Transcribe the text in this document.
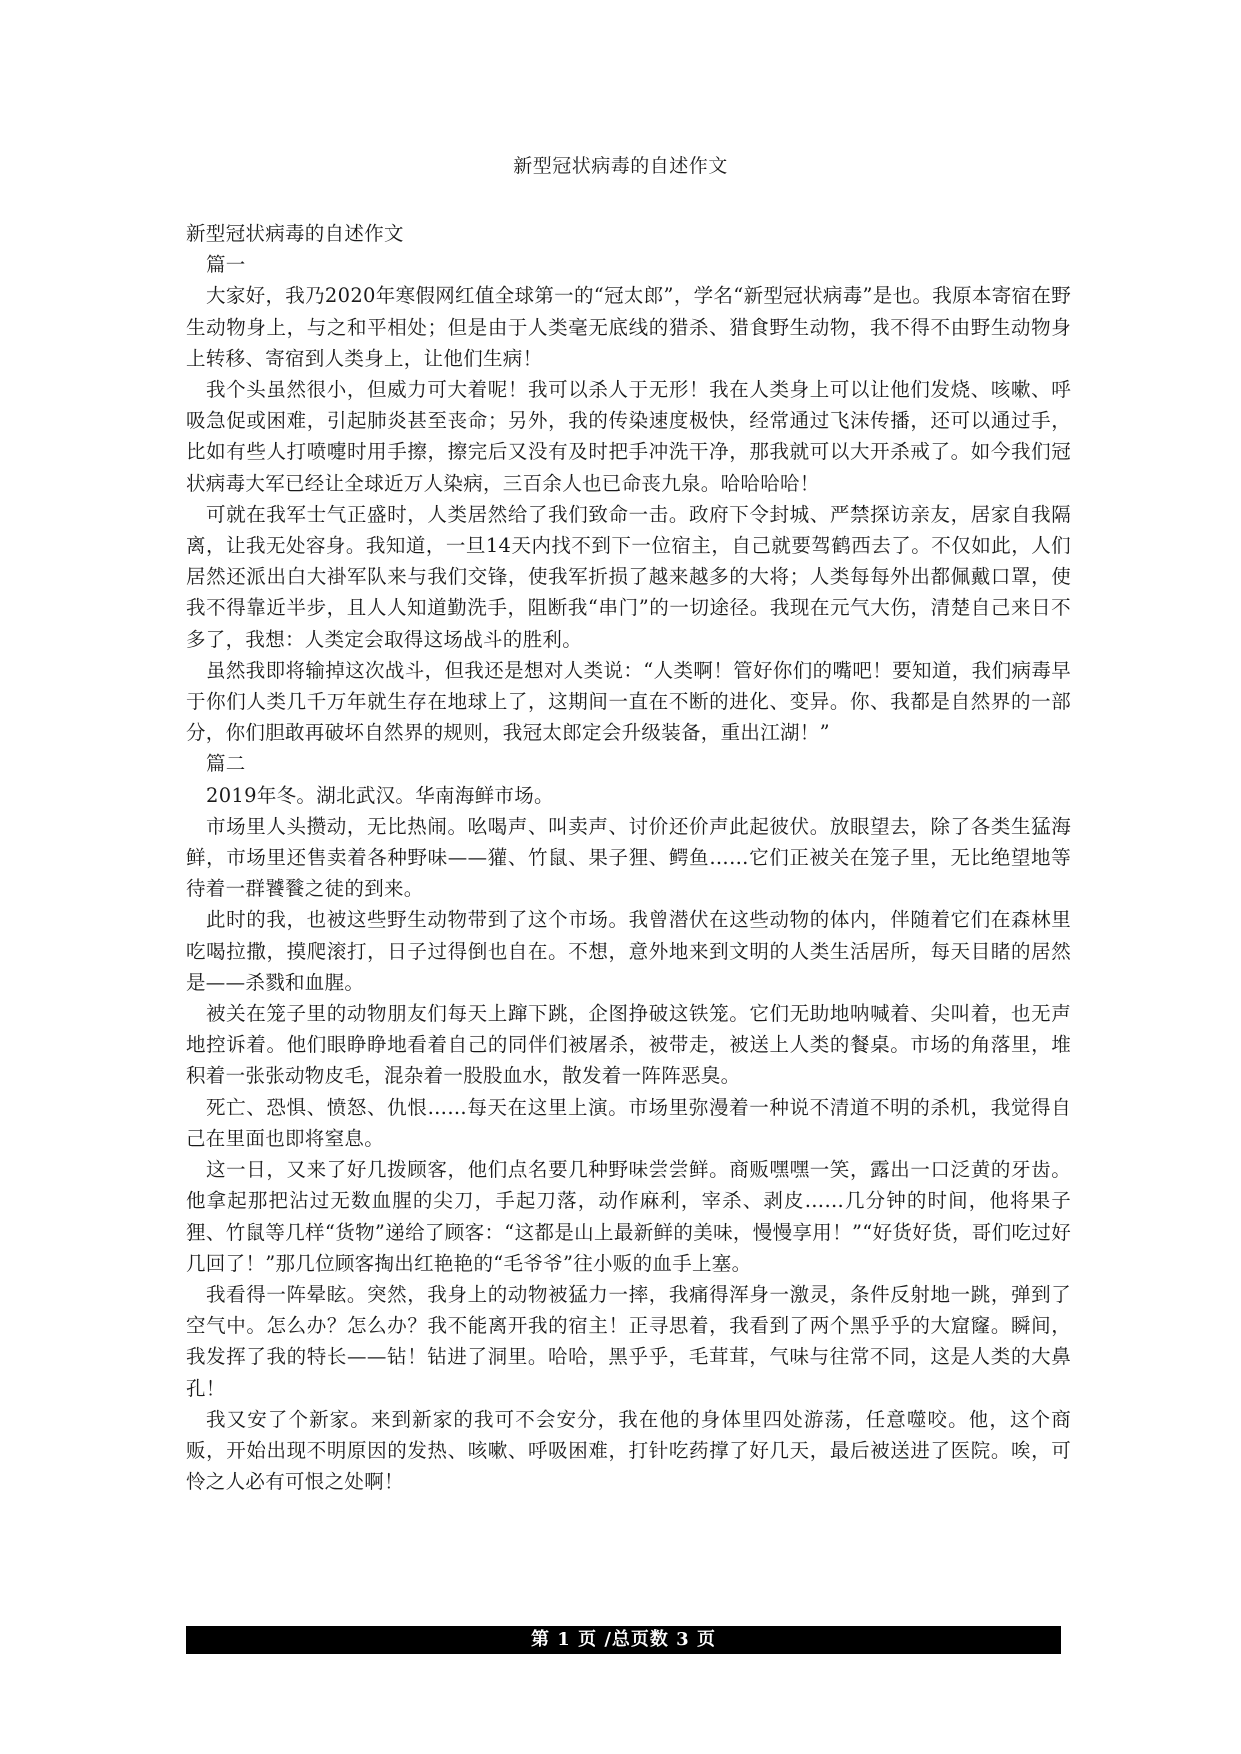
新型冠状病毒的自述作文

新型冠状病毒的自述作文

篇一

大家好，我乃2020年寒假网红值全球第一的“冠太郎”，学名“新型冠状病毒”是也。我原本寄宿在野生动物身上，与之和平相处；但是由于人类毫无底线的猎杀、猎食野生动物，我不得不由野生动物身上转移、寄宿到人类身上，让他们生病！

我个头虽然很小，但威力可大着呢！我可以杀人于无形！我在人类身上可以让他们发烧、咳嗽、呼吸急促或困难，引起肺炎甚至丧命；另外，我的传染速度极快，经常通过飞沫传播，还可以通过手，比如有些人打喷嚏时用手擦，擦完后又没有及时把手冲洗干净，那我就可以大开杀戒了。如今我们冠状病毒大军已经让全球近万人染病，三百余人也已命丧九泉。哈哈哈哈！

可就在我军士气正盛时，人类居然给了我们致命一击。政府下令封城、严禁探访亲友，居家自我隔离，让我无处容身。我知道，一旦14天内找不到下一位宿主，自己就要驾鹤西去了。不仅如此，人们居然还派出白大褂军队来与我们交锋，使我军折损了越来越多的大将；人类每每外出都佩戴口罩，使我不得靠近半步，且人人知道勤洗手，阻断我“串门”的一切途径。我现在元气大伤，清楚自己来日不多了，我想：人类定会取得这场战斗的胜利。

虽然我即将输掉这次战斗，但我还是想对人类说：“人类啊！管好你们的嘴吧！要知道，我们病毒早于你们人类几千万年就生存在地球上了，这期间一直在不断的进化、变异。你、我都是自然界的一部分，你们胆敢再破坏自然界的规则，我冠太郎定会升级装备，重出江湖！”

篇二

2019年冬。湖北武汉。华南海鲜市场。

市场里人头攒动，无比热闹。吆喝声、叫卖声、讨价还价声此起彼伏。放眼望去，除了各类生猛海鲜，市场里还售卖着各种野味——獾、竹鼠、果子狸、鳄鱼……它们正被关在笼子里，无比绝望地等待着一群饕餮之徒的到来。

此时的我，也被这些野生动物带到了这个市场。我曾潜伏在这些动物的体内，伴随着它们在森林里吃喝拉撒，摸爬滚打，日子过得倒也自在。不想，意外地来到文明的人类生活居所，每天目睹的居然是——杀戮和血腥。

被关在笼子里的动物朋友们每天上蹿下跳，企图挣破这铁笼。它们无助地呐喊着、尖叫着，也无声地控诉着。他们眼睁睁地看着自己的同伴们被屠杀，被带走，被送上人类的餐桌。市场的角落里，堆积着一张张动物皮毛，混杂着一股股血水，散发着一阵阵恶臭。

死亡、恐惧、愤怒、仇恨……每天在这里上演。市场里弥漫着一种说不清道不明的杀机，我觉得自己在里面也即将窒息。

这一日，又来了好几拨顾客，他们点名要几种野味尝尝鲜。商贩嘿嘿一笑，露出一口泛黄的牙齿。他拿起那把沾过无数血腥的尖刀，手起刀落，动作麻利，宰杀、剥皮……几分钟的时间，他将果子狸、竹鼠等几样“货物”递给了顾客：“这都是山上最新鲜的美味，慢慢享用！”“好货好货，哥们吃过好几回了！”那几位顾客掏出红艳艳的“毛爷爷”往小贩的血手上塞。

我看得一阵晕眩。突然，我身上的动物被猛力一摔，我痛得浑身一激灵，条件反射地一跳，弹到了空气中。怎么办？怎么办？我不能离开我的宿主！正寻思着，我看到了两个黑乎乎的大窟窿。瞬间，我发挥了我的特长——钻！钻进了洞里。哈哈，黑乎乎，毛茸茸，气味与往常不同，这是人类的大鼻孔！

我又安了个新家。来到新家的我可不会安分，我在他的身体里四处游荡，任意噬咬。他，这个商贩，开始出现不明原因的发热、咳嗽、呼吸困难，打针吃药撑了好几天，最后被送进了医院。唉，可怜之人必有可恨之处啊！

第 1 页 /总页数 3 页
